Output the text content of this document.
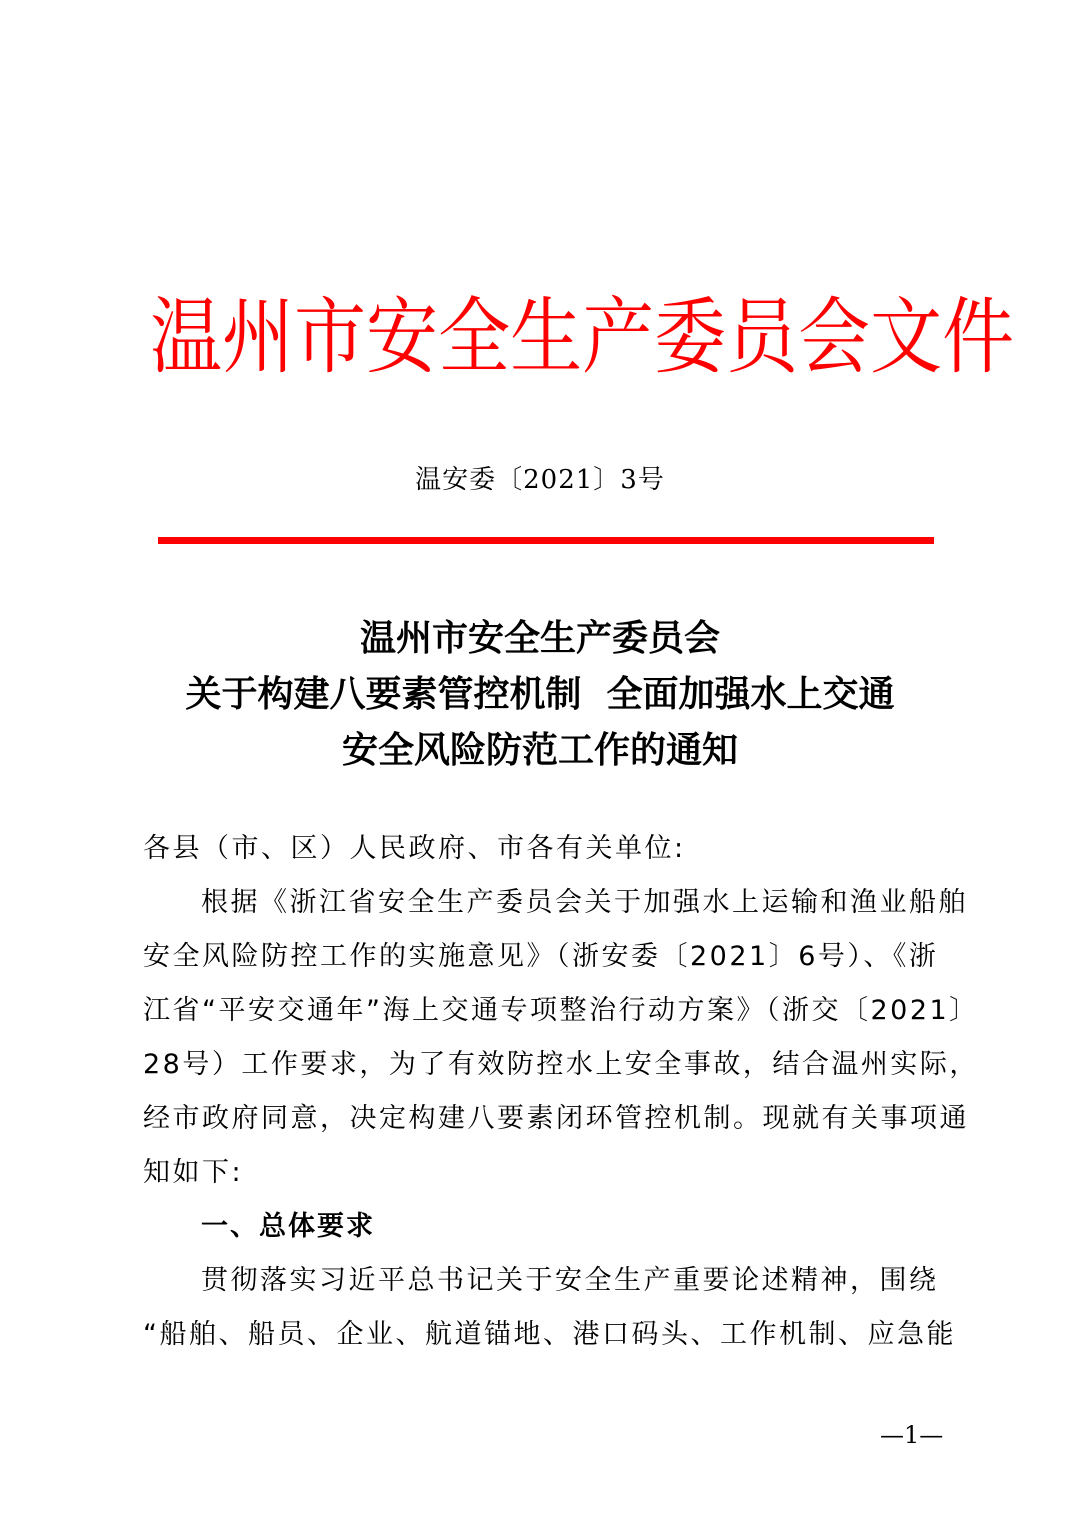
温 州 市 安 全 生 产 委 员 会 文 件
温安委〔2021〕3号
温州市安全生产委员会
关于构建八要素管控机制  全面加强水上交通
安全风险防范工作的通知
各县（市、区）人民政府、市各有关单位:
根据《浙江省安全生产委员会关于加强水上运输和渔业船舶
安全风险防控工作的实施意见》（浙安委〔2021〕6号）、《浙
江省“平安交通年”海上交通专项整治行动方案》（浙交〔2021〕
28号）工作要求，为了有效防控水上安全事故，结合温州实际，
经市政府同意，决定构建八要素闭环管控机制。现就有关事项通
知如下:
一、总体要求
贯彻落实习近平总书记关于安全生产重要论述精神，围绕
“船舶、船员、企业、航道锚地、港口码头、工作机制、应急能
—1—
